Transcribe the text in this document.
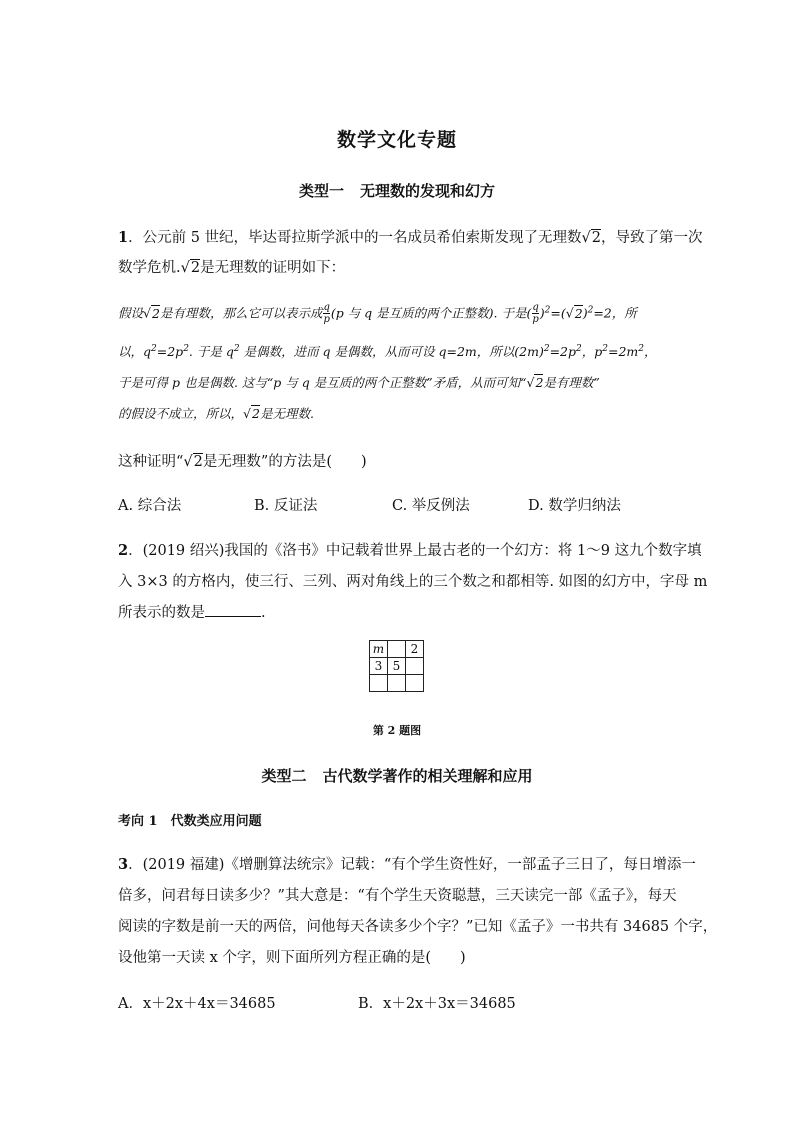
数学文化专题
类型一 无理数的发现和幻方
1．公元前 5 世纪，毕达哥拉斯学派中的一名成员希伯索斯发现了无理数√2，导致了第一次
数学危机.√2是无理数的证明如下：
假设√2是有理数，那么它可以表示成 $\frac{q}{p} (p$ 与 q 是互质的两个正整数). 于是( $\frac{q}{p} )^2=(√2)^2=2$，所
以，$q^2=2p^2$. 于是 $q^2$ 是偶数，进而 q 是偶数，从而可设 q=2m，所以$(2m)^2=2p^2$，$p^2=2m^2$，
于是可得 p 也是偶数. 这与“p 与 q 是互质的两个正整数”矛盾，从而可知“√2是有理数”
的假设不成立，所以，√2是无理数.
这种证明“√2是无理数”的方法是(　　)
A. 综合法	B. 反证法	C. 举反例法	D. 数学归纳法
2．(2019 绍兴)我国的《洛书》中记载着世界上最古老的一个幻方：将 1～9 这九个数字填
入 3×3 的方格内，使三行、三列、两对角线上的三个数之和都相等. 如图的幻方中，字母 m
所表示的数是	.
m		2
3	5	

第 2 题图
类型二 古代数学著作的相关理解和应用
考向 1　代数类应用问题
3．(2019 福建)《增删算法统宗》记载：“有个学生资性好，一部孟子三日了，每日增添一
倍多，问君每日读多少？”其大意是：“有个学生天资聪慧，三天读完一部《孟子》，每天
阅读的字数是前一天的两倍，问他每天各读多少个字？”已知《孟子》一书共有 34685 个字，
设他第一天读 x 个字，则下面所列方程正确的是(　　)
A．x＋2x＋4x＝34685	B．x＋2x＋3x＝34685
